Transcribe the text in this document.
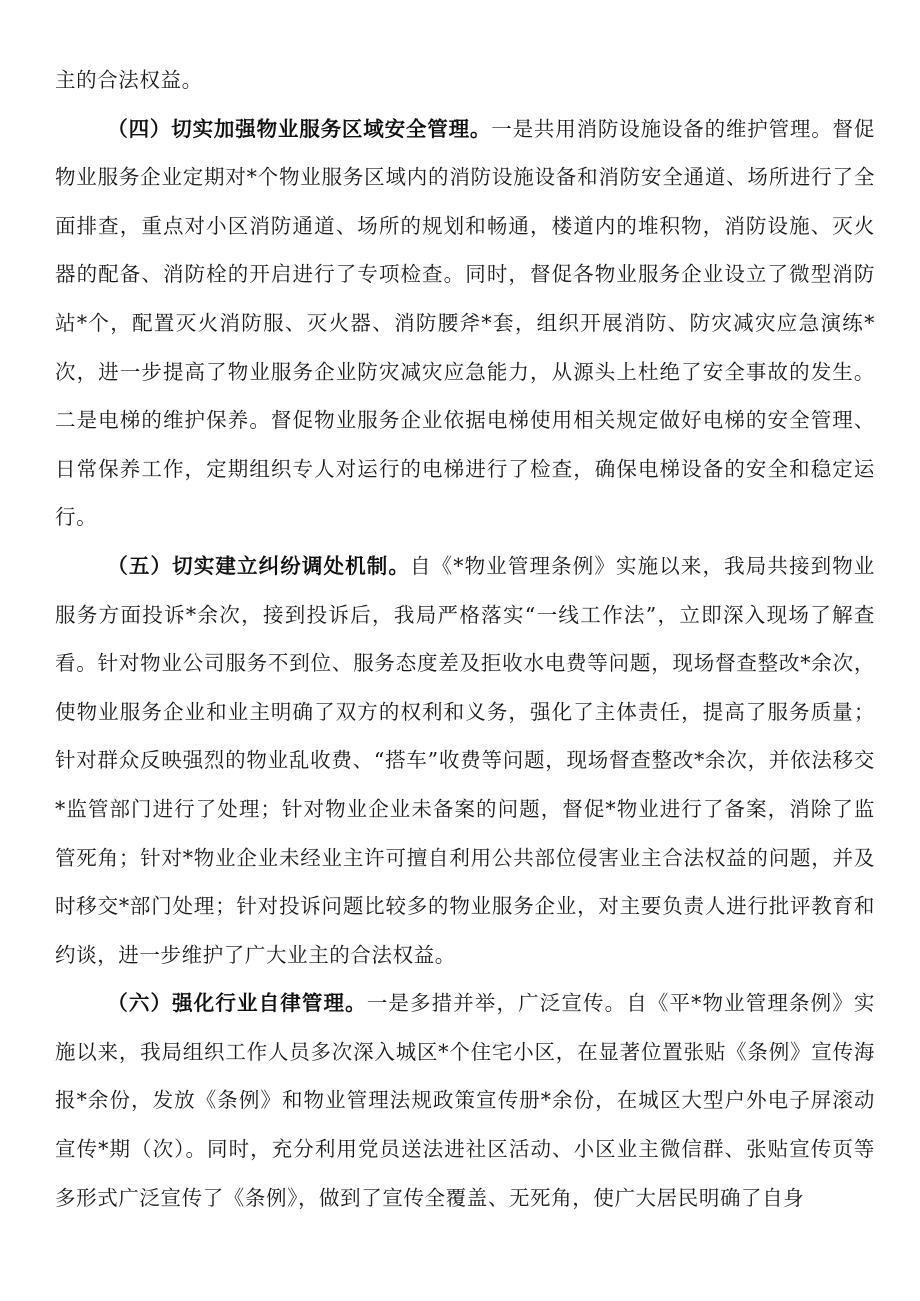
主的合法权益。

（四）切实加强物业服务区域安全管理。一是共用消防设施设备的维护管理。督促物业服务企业定期对*个物业服务区域内的消防设施设备和消防安全通道、场所进行了全面排查，重点对小区消防通道、场所的规划和畅通，楼道内的堆积物，消防设施、灭火器的配备、消防栓的开启进行了专项检查。同时，督促各物业服务企业设立了微型消防站*个，配置灭火消防服、灭火器、消防腰斧*套，组织开展消防、防灾减灾应急演练*次，进一步提高了物业服务企业防灾减灾应急能力，从源头上杜绝了安全事故的发生。二是电梯的维护保养。督促物业服务企业依据电梯使用相关规定做好电梯的安全管理、日常保养工作，定期组织专人对运行的电梯进行了检查，确保电梯设备的安全和稳定运行。

（五）切实建立纠纷调处机制。自《*物业管理条例》实施以来，我局共接到物业服务方面投诉*余次，接到投诉后，我局严格落实“一线工作法”，立即深入现场了解查看。针对物业公司服务不到位、服务态度差及拒收水电费等问题，现场督查整改*余次，使物业服务企业和业主明确了双方的权利和义务，强化了主体责任，提高了服务质量；针对群众反映强烈的物业乱收费、“搭车”收费等问题，现场督查整改*余次，并依法移交*监管部门进行了处理；针对物业企业未备案的问题，督促*物业进行了备案，消除了监管死角；针对*物业企业未经业主许可擅自利用公共部位侵害业主合法权益的问题，并及时移交*部门处理；针对投诉问题比较多的物业服务企业，对主要负责人进行批评教育和约谈，进一步维护了广大业主的合法权益。

（六）强化行业自律管理。一是多措并举，广泛宣传。自《平*物业管理条例》实施以来，我局组织工作人员多次深入城区*个住宅小区，在显著位置张贴《条例》宣传海报*余份，发放《条例》和物业管理法规政策宣传册*余份，在城区大型户外电子屏滚动宣传*期（次）。同时，充分利用党员送法进社区活动、小区业主微信群、张贴宣传页等多形式广泛宣传了《条例》，做到了宣传全覆盖、无死角，使广大居民明确了自身
